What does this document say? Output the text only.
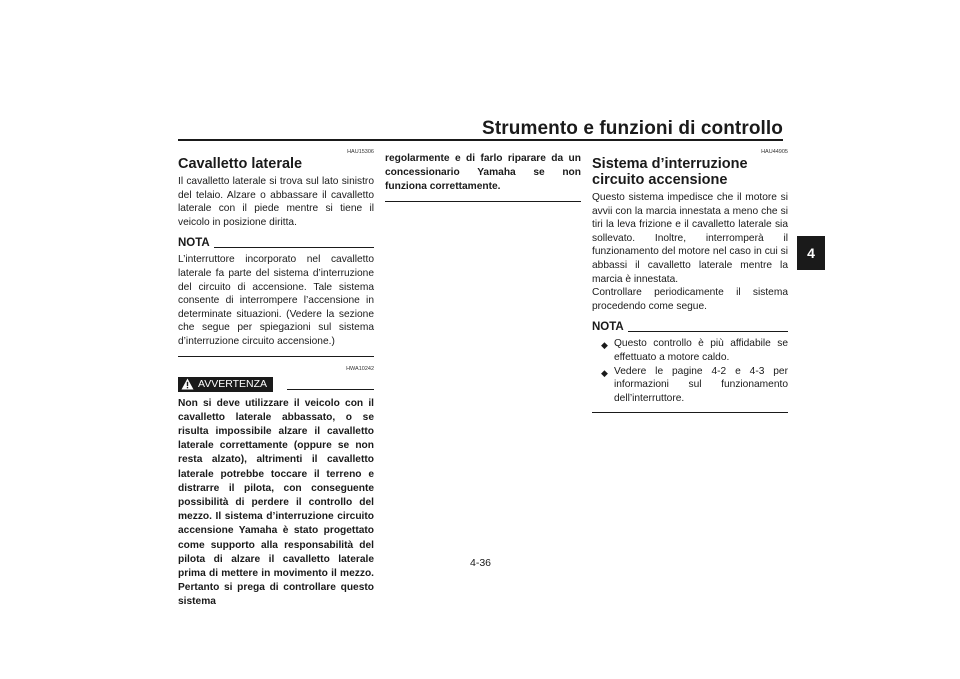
Strumento e funzioni di controllo
4
HAU15306
Cavalletto laterale

Il cavalletto laterale si trova sul lato sinistro del telaio. Alzare o abbassare il cavalletto laterale con il piede mentre si tiene il veicolo in posizione diritta.

NOTA

L’interruttore incorporato nel cavalletto laterale fa parte del sistema d’interruzione del circuito di accensione. Tale sistema consente di interrompere l’accensione in determinate situazioni. (Vedere la sezione che segue per spiegazioni sul sistema d’interruzione circuito accensione.)

HWA10242
AVVERTENZA

Non si deve utilizzare il veicolo con il cavalletto laterale abbassato, o se risulta impossibile alzare il cavalletto laterale correttamente (oppure se non resta alzato), altrimenti il cavalletto laterale potrebbe toccare il terreno e distrarre il pilota, con conseguente possibilità di perdere il controllo del mezzo. Il sistema d’interruzione circuito accensione Yamaha è stato progettato come supporto alla responsabilità del pilota di alzare il cavalletto laterale prima di mettere in movimento il mezzo. Pertanto si prega di controllare questo sistema

regolarmente e di farlo riparare da un concessionario Yamaha se non funziona correttamente.

HAU44905
Sistema d’interruzione circuito accensione

Questo sistema impedisce che il motore si avvii con la marcia innestata a meno che si tiri la leva frizione e il cavalletto laterale sia sollevato. Inoltre, interromperà il funzionamento del motore nel caso in cui si abbassi il cavalletto laterale mentre la marcia è innestata.

Controllare periodicamente il sistema procedendo come segue.

NOTA
◆ Questo controllo è più affidabile se effettuato a motore caldo.
◆ Vedere le pagine 4-2 e 4-3 per informazioni sul funzionamento dell’interruttore.
4-36
